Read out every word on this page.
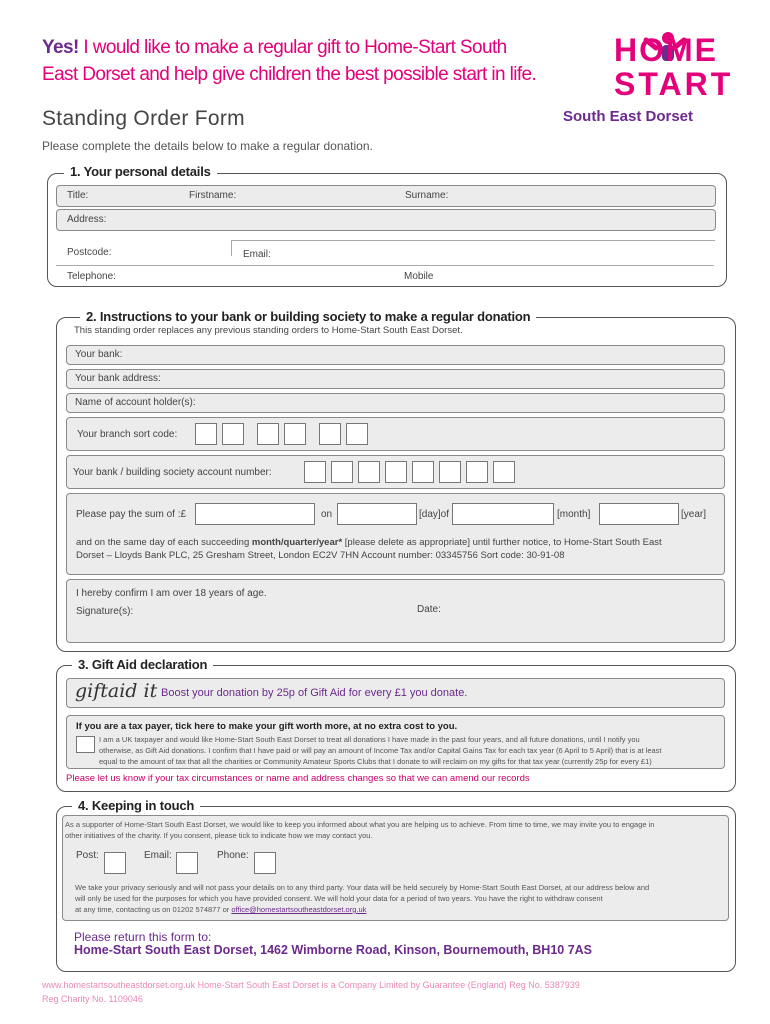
Yes! I would like to make a regular gift to Home-Start South
East Dorset and help give children the best possible start in life.
Standing Order Form
Please complete the details below to make a regular donation.
HOME
START
South East Dorset
1. Your personal details
Title:	Firstname:	Surname:
Address:
Postcode:	Email:
Telephone:	Mobile
2. Instructions to your bank or building society to make a regular donation
This standing order replaces any previous standing orders to Home-Start South East Dorset.
Your bank:
Your bank address:
Name of account holder(s):
Your branch sort code:
Your bank / building society account number:
Please pay the sum of :£	on	[day]of	[month]	[year]
and on the same day of each succeeding month/quarter/year* [please delete as appropriate] until further notice, to Home-Start South East
Dorset – Lloyds Bank PLC, 25 Gresham Street, London EC2V 7HN Account number: 03345756 Sort code: 30-91-08
I hereby confirm I am over 18 years of age.
Signature(s):	Date:
3. Gift Aid declaration
giftaid it Boost your donation by 25p of Gift Aid for every £1 you donate.
If you are a tax payer, tick here to make your gift worth more, at no extra cost to you.
I am a UK taxpayer and would like Home-Start South East Dorset to treat all donations I have made in the past four years, and all future donations, until I notify you
otherwise, as Gift Aid donations. I confirm that I have paid or will pay an amount of Income Tax and/or Capital Gains Tax for each tax year (6 April to 5 April) that is at least
equal to the amount of tax that all the charities or Community Amateur Sports Clubs that I donate to will reclaim on my gifts for that tax year (currently 25p for every £1)
Please let us know if your tax circumstances or name and address changes so that we can amend our records
4. Keeping in touch
As a supporter of Home-Start South East Dorset, we would like to keep you informed about what you are helping us to achieve. From time to time, we may invite you to engage in
other initiatives of the charity. If you consent, please tick to indicate how we may contact you.
Post:	Email:	Phone:
We take your privacy seriously and will not pass your details on to any third party. Your data will be held securely by Home-Start South East Dorset, at our address below and
will only be used for the purposes for which you have provided consent. We will hold your data for a period of two years. You have the right to withdraw consent
at any time, contacting us on 01202 574877 or office@homestartsoutheastdorset.org.uk
Please return this form to:
Home-Start South East Dorset, 1462 Wimborne Road, Kinson, Bournemouth, BH10 7AS
www.homestartsoutheastdorset.org.uk Home-Start South East Dorset is a Company Limited by Guarantee (England) Reg No. 5387939
Reg Charity No. 1109046
